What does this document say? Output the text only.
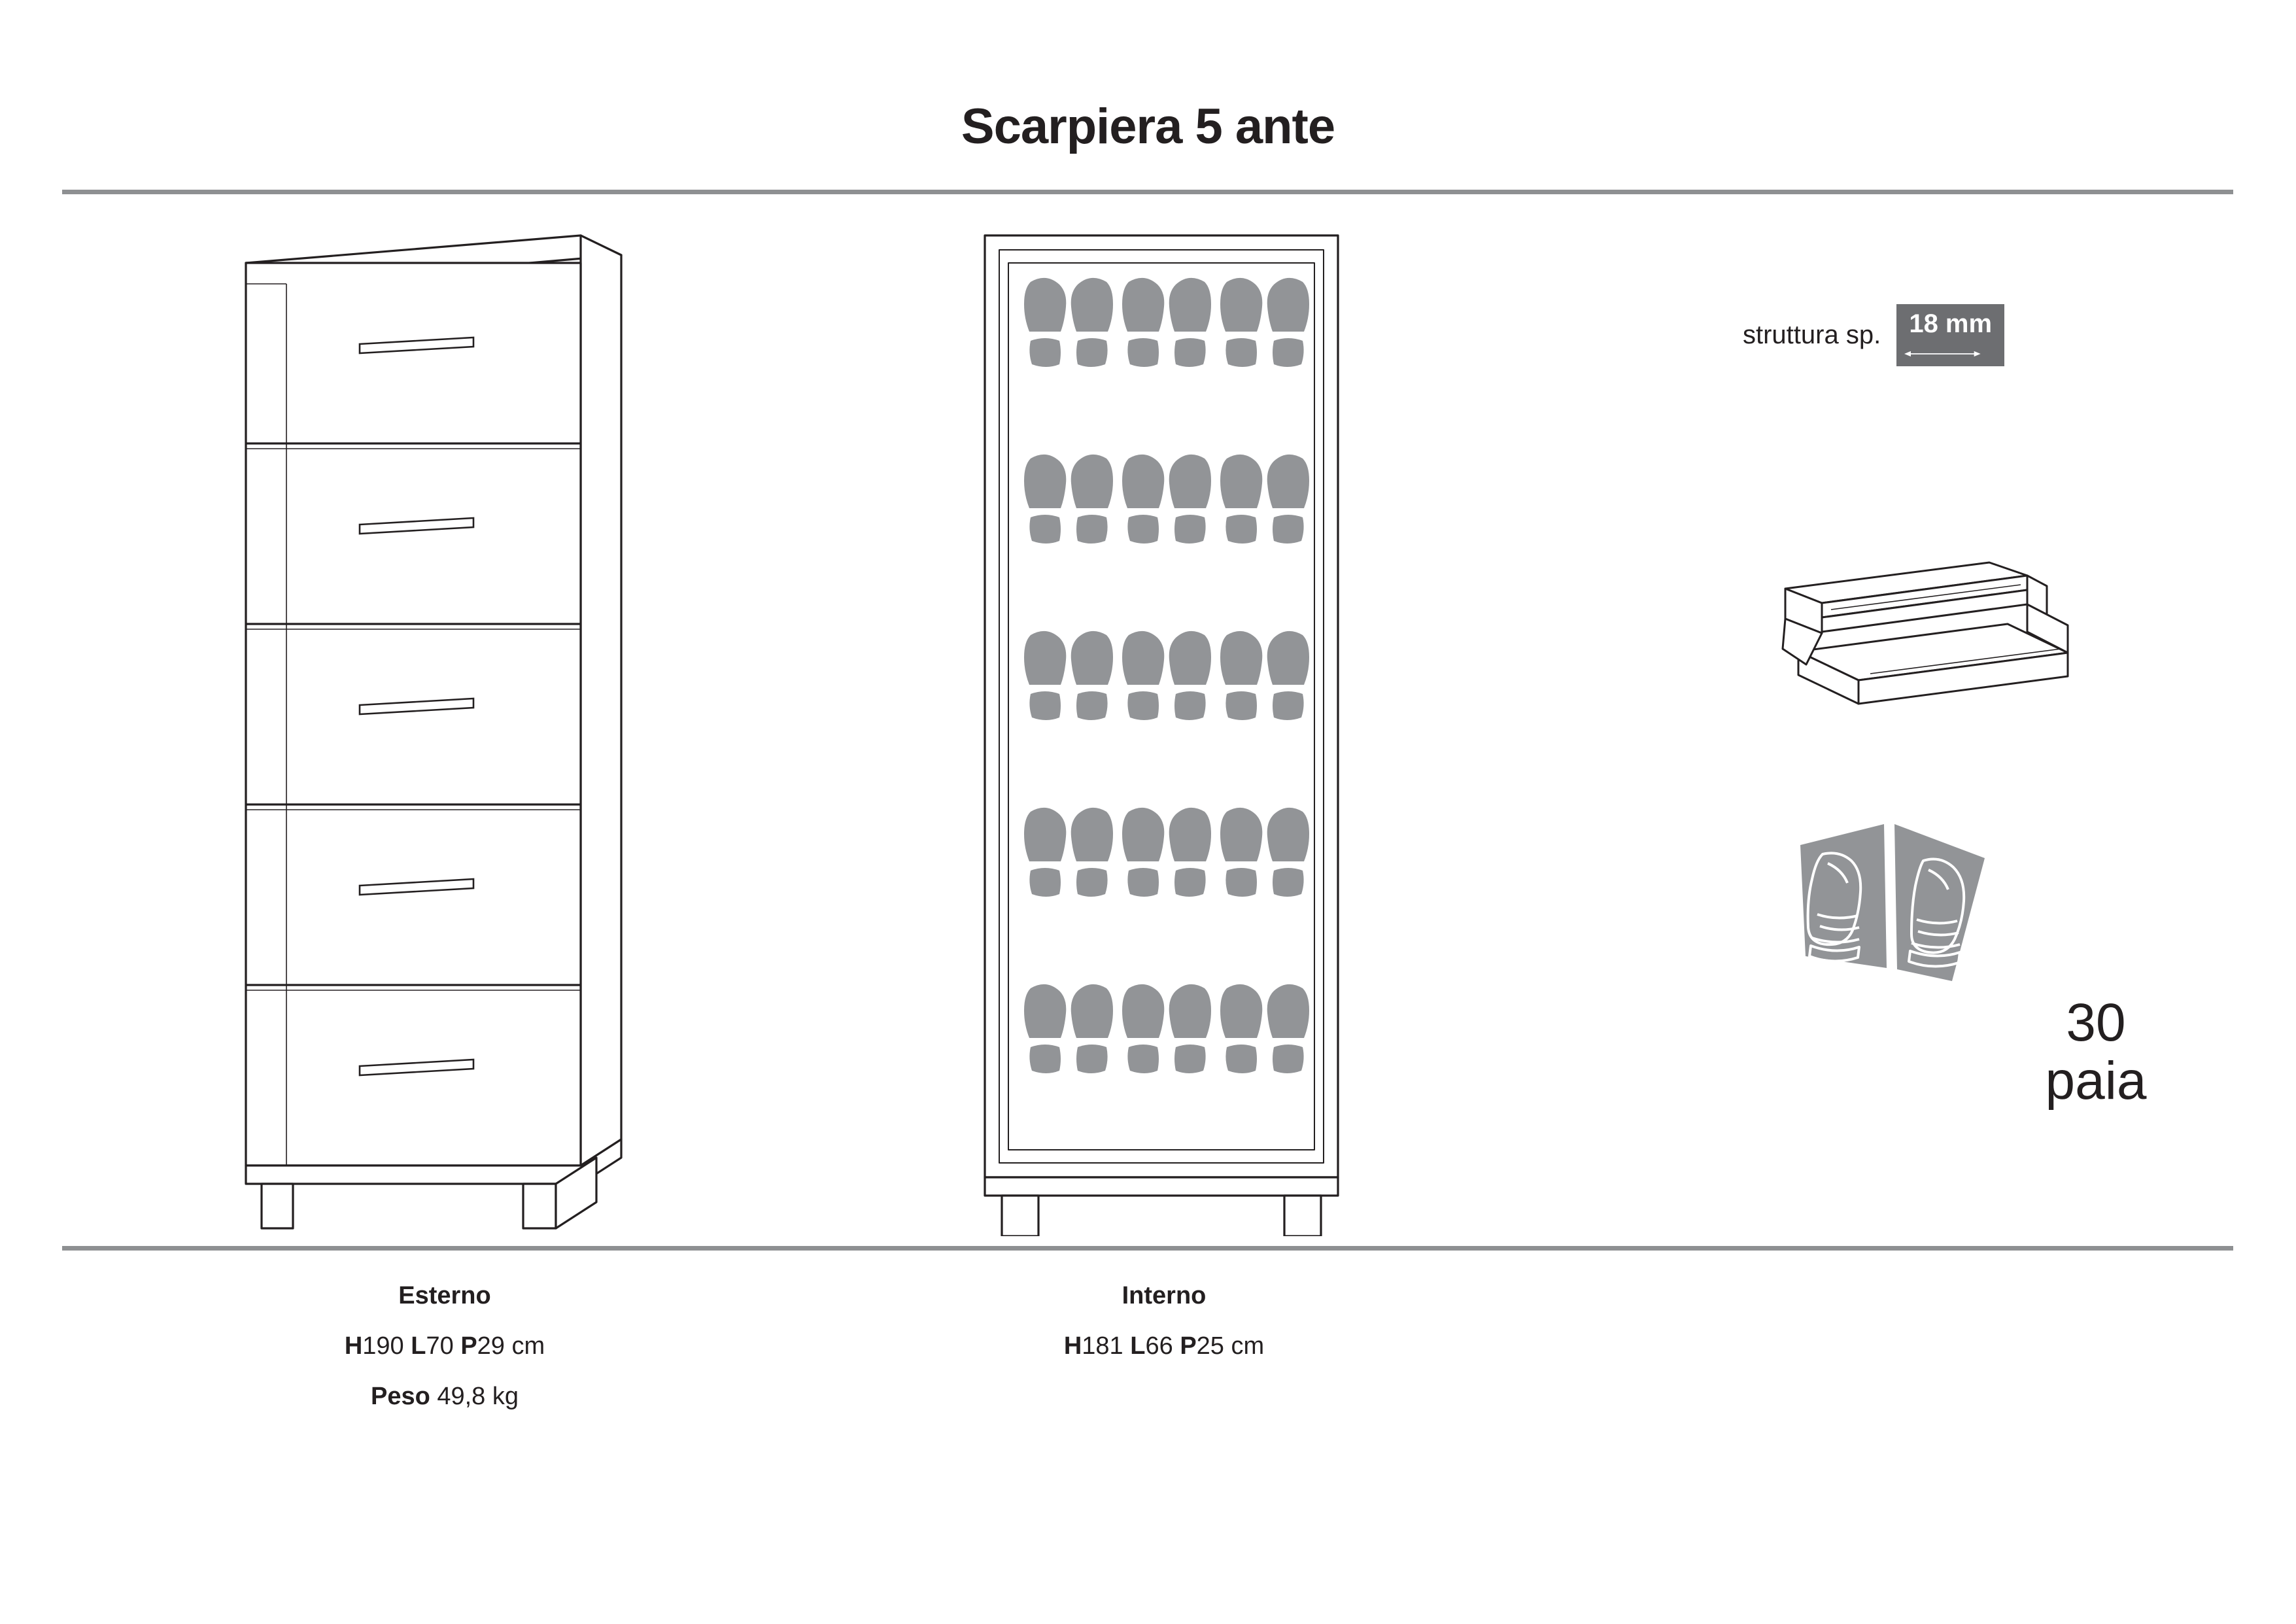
Scarpiera 5 ante
Esterno
H190 L70 P29 cm
Peso 49,8 kg
Interno
H181 L66 P25 cm
struttura sp. 18 mm
30
paia
